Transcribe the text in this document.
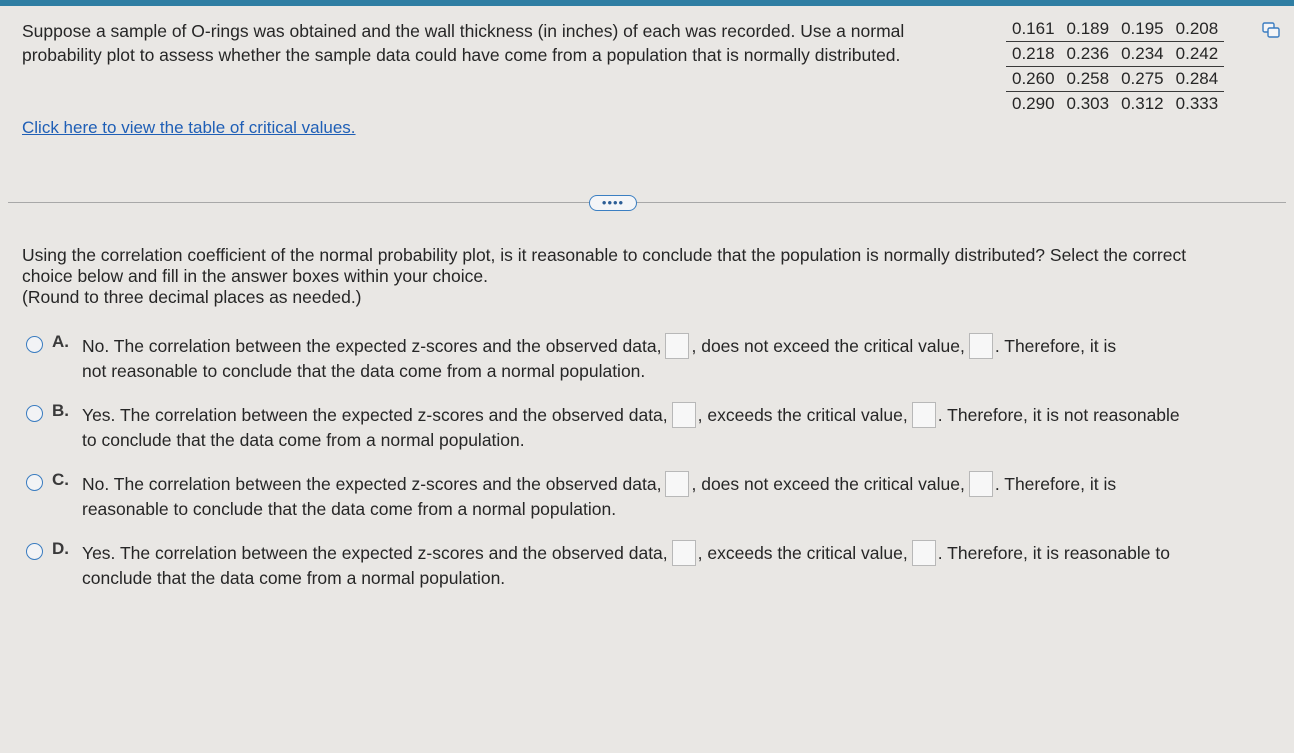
Suppose a sample of O-rings was obtained and the wall thickness (in inches) of each was recorded. Use a normal
probability plot to assess whether the sample data could have come from a population that is normally distributed.
0.161	0.189	0.195	0.208
0.218	0.236	0.234	0.242
0.260	0.258	0.275	0.284
0.290	0.303	0.312	0.333
Click here to view the table of critical values.
••••
Using the correlation coefficient of the normal probability plot, is it reasonable to conclude that the population is normally distributed? Select the correct
choice below and fill in the answer boxes within your choice.
(Round to three decimal places as needed.)
A. No. The correlation between the expected z-scores and the observed data, , does not exceed the critical value, . Therefore, it is
not reasonable to conclude that the data come from a normal population.
B. Yes. The correlation between the expected z-scores and the observed data, , exceeds the critical value, . Therefore, it is not reasonable
to conclude that the data come from a normal population.
C. No. The correlation between the expected z-scores and the observed data, , does not exceed the critical value, . Therefore, it is
reasonable to conclude that the data come from a normal population.
D. Yes. The correlation between the expected z-scores and the observed data, , exceeds the critical value, . Therefore, it is reasonable to
conclude that the data come from a normal population.
